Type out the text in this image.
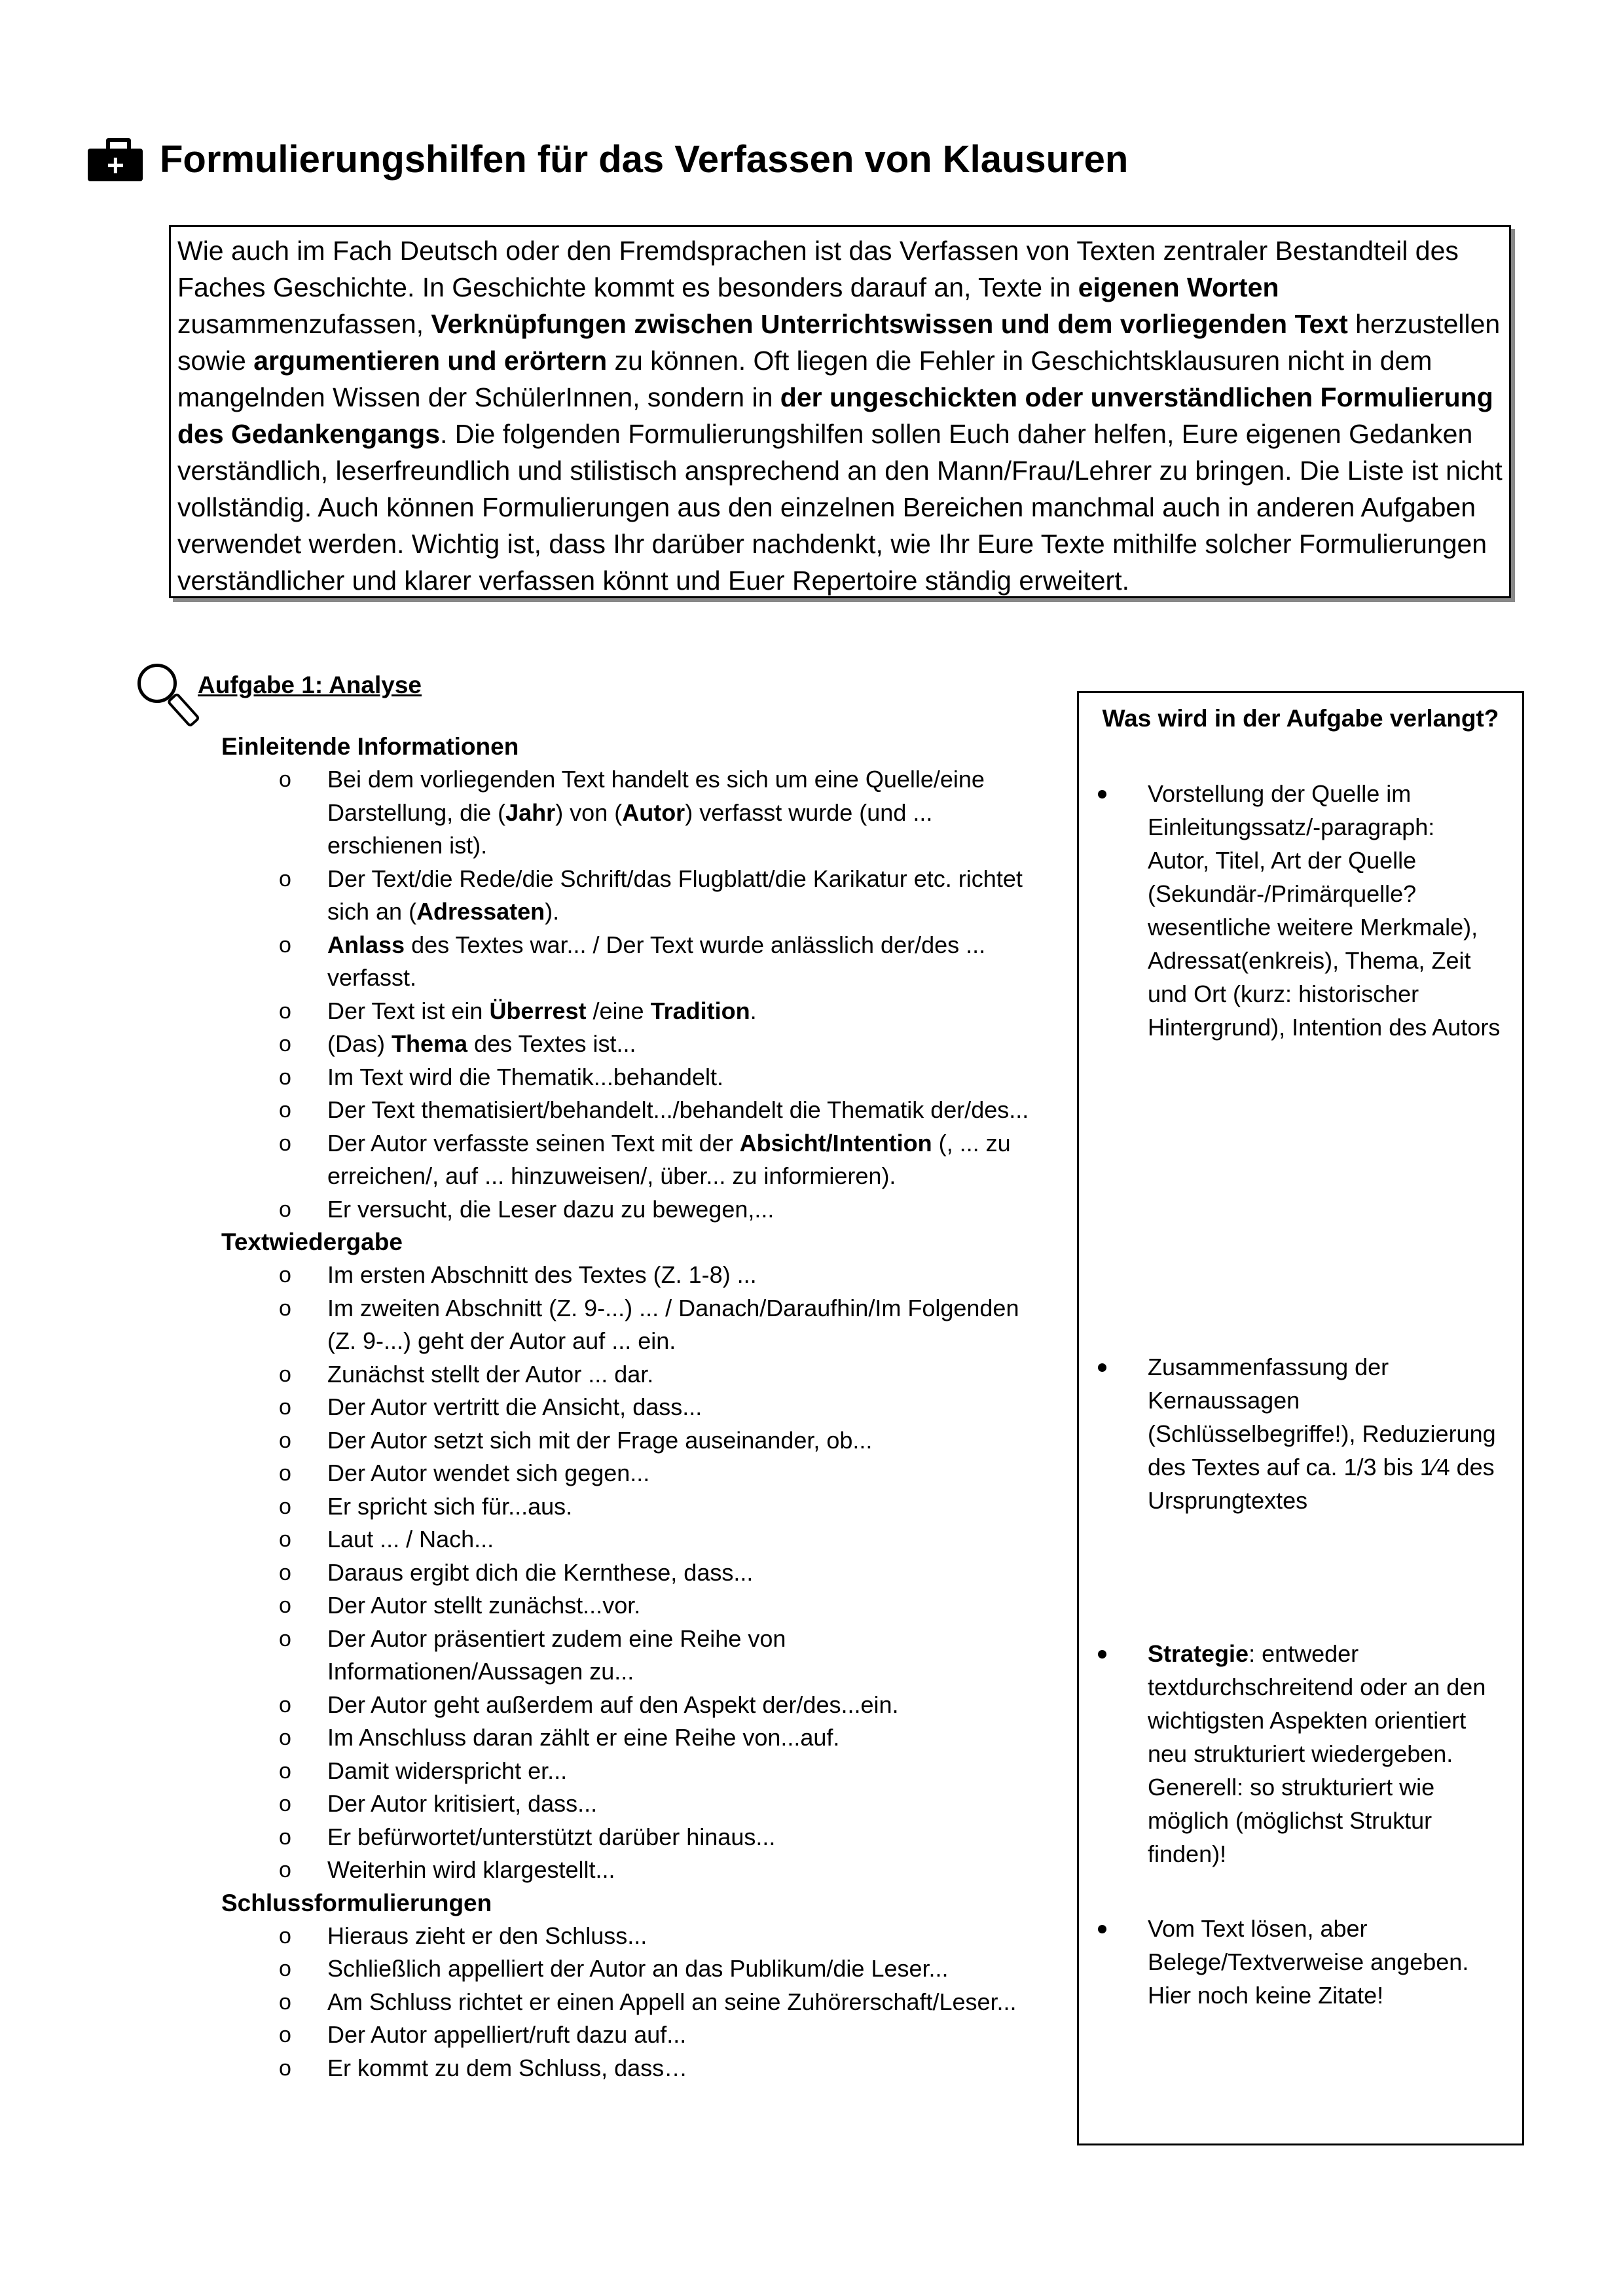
+ Formulierungshilfen für das Verfassen von Klausuren

Wie auch im Fach Deutsch oder den Fremdsprachen ist das Verfassen von Texten zentraler Bestandteil des Faches Geschichte. In Geschichte kommt es besonders darauf an, Texte in eigenen Worten zusammenzufassen, Verknüpfungen zwischen Unterrichtswissen und dem vorliegenden Text herzustellen sowie argumentieren und erörtern zu können. Oft liegen die Fehler in Geschichtsklausuren nicht in dem mangelnden Wissen der SchülerInnen, sondern in der ungeschickten oder unverständlichen Formulierung des Gedankengangs. Die folgenden Formulierungshilfen sollen Euch daher helfen, Eure eigenen Gedanken verständlich, leserfreundlich und stilistisch ansprechend an den Mann/Frau/Lehrer zu bringen. Die Liste ist nicht vollständig. Auch können Formulierungen aus den einzelnen Bereichen manchmal auch in anderen Aufgaben verwendet werden. Wichtig ist, dass Ihr darüber nachdenkt, wie Ihr Eure Texte mithilfe solcher Formulierungen verständlicher und klarer verfassen könnt und Euer Repertoire ständig erweitert.

Aufgabe 1: Analyse

Einleitende Informationen

o Bei dem vorliegenden Text handelt es sich um eine Quelle/eine Darstellung, die (Jahr) von (Autor) verfasst wurde (und ... erschienen ist).
o Der Text/die Rede/die Schrift/das Flugblatt/die Karikatur etc. richtet sich an (Adressaten).
o Anlass des Textes war... / Der Text wurde anlässlich der/des ... verfasst.
o Der Text ist ein Überrest /eine Tradition.
o (Das) Thema des Textes ist...
o Im Text wird die Thematik...behandelt.
o Der Text thematisiert/behandelt.../behandelt die Thematik der/des...
o Der Autor verfasste seinen Text mit der Absicht/Intention (, ... zu erreichen/, auf ... hinzuweisen/, über... zu informieren).
o Er versucht, die Leser dazu zu bewegen,...

Textwiedergabe

o Im ersten Abschnitt des Textes (Z. 1-8) ...
o Im zweiten Abschnitt (Z. 9-...) ... / Danach/Daraufhin/Im Folgenden (Z. 9-...) geht der Autor auf ... ein.
o Zunächst stellt der Autor ... dar.
o Der Autor vertritt die Ansicht, dass...
o Der Autor setzt sich mit der Frage auseinander, ob...
o Der Autor wendet sich gegen...
o Er spricht sich für...aus.
o Laut ... / Nach...
o Daraus ergibt dich die Kernthese, dass...
o Der Autor stellt zunächst...vor.
o Der Autor präsentiert zudem eine Reihe von Informationen/Aussagen zu...
o Der Autor geht außerdem auf den Aspekt der/des...ein.
o Im Anschluss daran zählt er eine Reihe von...auf.
o Damit widerspricht er...
o Der Autor kritisiert, dass...
o Er befürwortet/unterstützt darüber hinaus...
o Weiterhin wird klargestellt...

Schlussformulierungen

o Hieraus zieht er den Schluss...
o Schließlich appelliert der Autor an das Publikum/die Leser...
o Am Schluss richtet er einen Appell an seine Zuhörerschaft/Leser...
o Der Autor appelliert/ruft dazu auf...
o Er kommt zu dem Schluss, dass…
Was wird in der Aufgabe verlangt?
Vorstellung der Quelle im Einleitungssatz/-paragraph: Autor, Titel, Art der Quelle (Sekundär-/Primärquelle? wesentliche weitere Merkmale), Adressat(enkreis), Thema, Zeit und Ort (kurz: historischer Hintergrund), Intention des Autors
Zusammenfassung der Kernaussagen (Schlüsselbegriffe!), Reduzierung des Textes auf ca. 1/3 bis 1⁄4 des Ursprungtextes
Strategie: entweder textdurchschreitend oder an den wichtigsten Aspekten orientiert neu strukturiert wiedergeben. Generell: so strukturiert wie möglich (möglichst Struktur finden)!
Vom Text lösen, aber Belege/Textverweise angeben. Hier noch keine Zitate!
